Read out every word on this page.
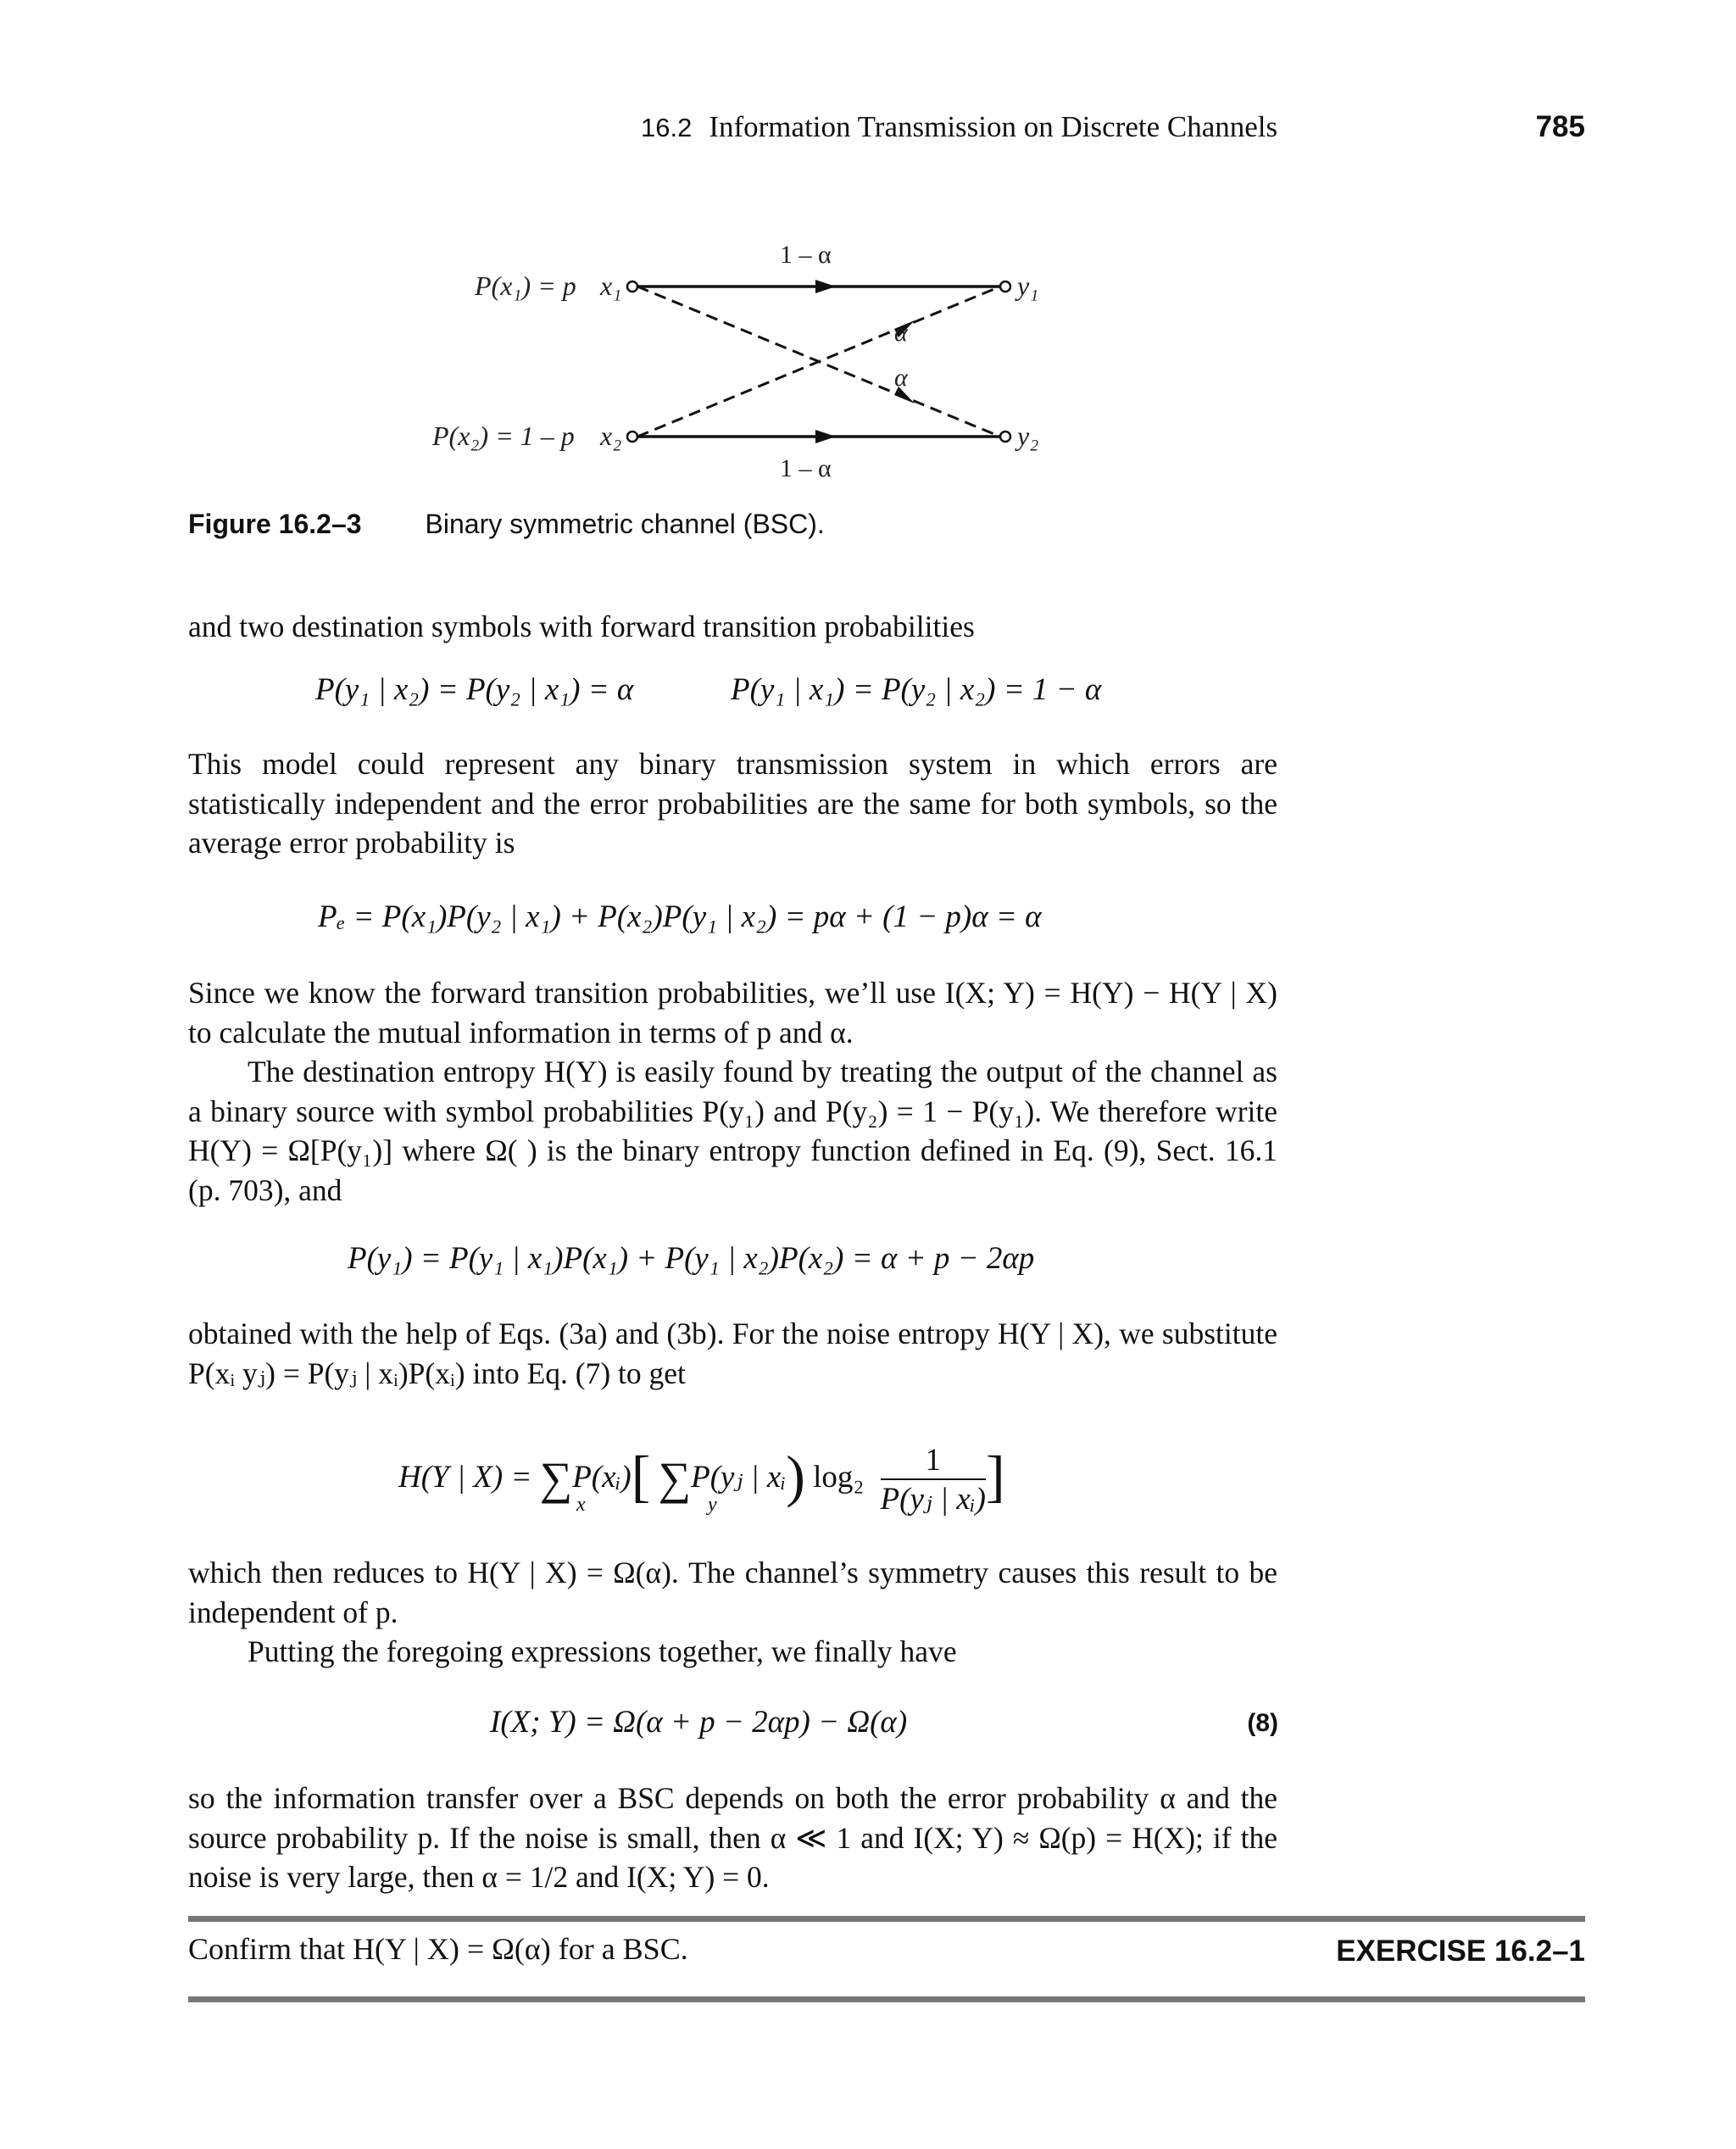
16.2 Information Transmission on Discrete Channels	785
P(x₁) = p
P(x₂) = 1 – p
x₁
x₂
y₁
y₂
1 – α
1 – α
α
α
Figure 16.2–3 Binary symmetric channel (BSC).
and two destination symbols with forward transition probabilities
P(y₁ | x₂) = P(y₂ | x₁) = α	P(y₁ | x₁) = P(y₂ | x₂) = 1 − α
This model could represent any binary transmission system in which errors are statistically independent and the error probabilities are the same for both symbols, so the average error probability is
Pₑ = P(x₁)P(y₂ | x₁) + P(x₂)P(y₁ | x₂) = pα + (1 − p)α = α
Since we know the forward transition probabilities, we’ll use I(X; Y) = H(Y) − H(Y | X) to calculate the mutual information in terms of p and α.
The destination entropy H(Y) is easily found by treating the output of the channel as a binary source with symbol probabilities P(y₁) and P(y₂) = 1 − P(y₁). We therefore write H(Y) = Ω[P(y₁)] where Ω( ) is the binary entropy function defined in Eq. (9), Sect. 16.1 (p. 703), and
P(y₁) = P(y₁ | x₁)P(x₁) + P(y₁ | x₂)P(x₂) = α + p − 2αp
obtained with the help of Eqs. (3a) and (3b). For the noise entropy H(Y | X), we substitute P(xᵢ yⱼ) = P(yⱼ | xᵢ)P(xᵢ) into Eq. (7) to get
H(Y | X) = ∑P(xᵢ)[ ∑P(yⱼ | xᵢ) $\log_2 \frac{1}{\text{P(yⱼ | xᵢ)}}$ ]
x	y
which then reduces to H(Y | X) = Ω(α). The channel’s symmetry causes this result to be independent of p.
Putting the foregoing expressions together, we finally have
I(X; Y) = Ω(α + p − 2αp) − Ω(α)	(8)
so the information transfer over a BSC depends on both the error probability α and the source probability p. If the noise is small, then α ≪ 1 and I(X; Y) ≈ Ω(p) = H(X); if the noise is very large, then α = 1/2 and I(X; Y) = 0.
Confirm that H(Y | X) = Ω(α) for a BSC.	EXERCISE 16.2–1
